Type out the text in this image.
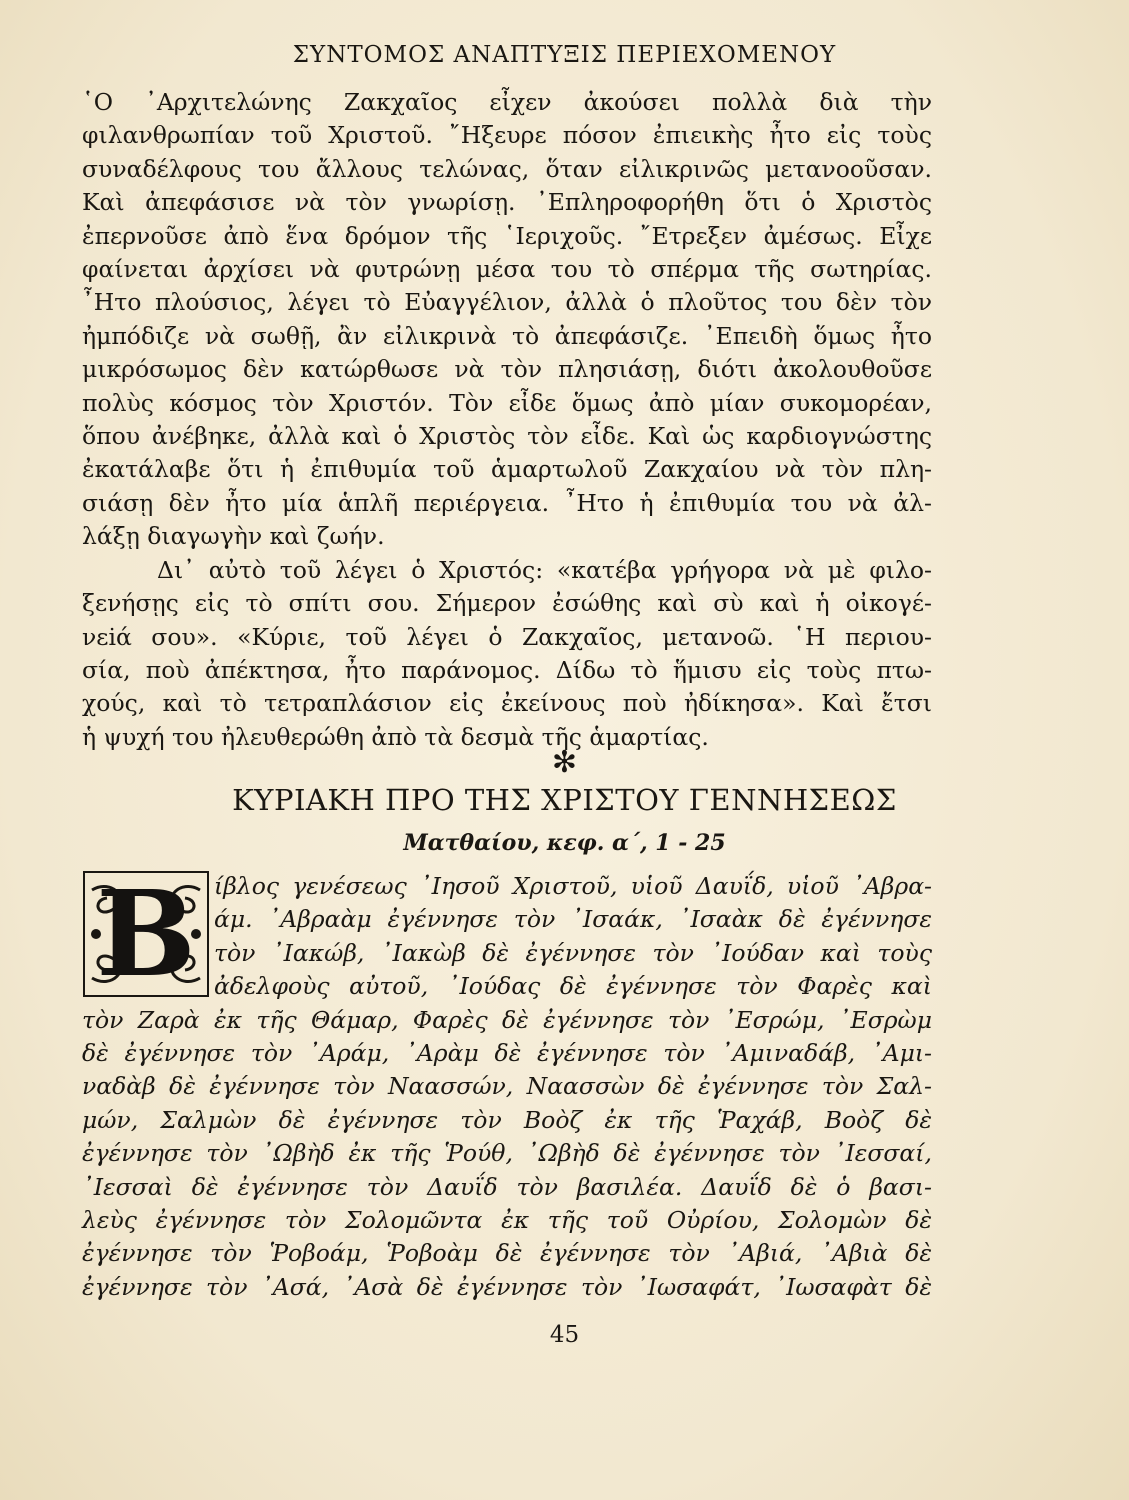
ΣΥΝΤΟΜΟΣ ΑΝΑΠΤΥΞΙΣ ΠΕΡΙΕΧΟΜΕΝΟΥ
῾Ο ᾿Αρχιτελώνης Ζακχαῖος εἶχεν ἀκούσει πολλὰ διὰ τὴν
φιλανθρωπίαν τοῦ Χριστοῦ. ῎Ηξευρε πόσον ἐπιεικὴς ἦτο εἰς τοὺς
συναδέλφους του ἄλλους τελώνας, ὅταν εἰλικρινῶς μετανοοῦσαν.
Καὶ ἀπεφάσισε νὰ τὸν γνωρίσῃ. ᾿Επληροφορήθη ὅτι ὁ Χριστὸς
ἐπερνοῦσε ἀπὸ ἕνα δρόμον τῆς ῾Ιεριχοῦς. ῎Ετρεξεν ἀμέσως. Εἶχε
φαίνεται ἀρχίσει νὰ φυτρώνῃ μέσα του τὸ σπέρμα τῆς σωτηρίας.
῏Ητο πλούσιος, λέγει τὸ Εὐαγγέλιον, ἀλλὰ ὁ πλοῦτος του δὲν τὸν
ἠμπόδιζε νὰ σωθῇ, ἂν εἰλικρινὰ τὸ ἀπεφάσιζε. ᾿Επειδὴ ὅμως ἦτο
μικρόσωμος δὲν κατώρθωσε νὰ τὸν πλησιάσῃ, διότι ἀκολουθοῦσε
πολὺς κόσμος τὸν Χριστόν. Τὸν εἶδε ὅμως ἀπὸ μίαν συκομορέαν,
ὅπου ἀνέβηκε, ἀλλὰ καὶ ὁ Χριστὸς τὸν εἶδε. Καὶ ὡς καρδιογνώστης
ἐκατάλαβε ὅτι ἡ ἐπιθυμία τοῦ ἁμαρτωλοῦ Ζακχαίου νὰ τὸν πλη-
σιάσῃ δὲν ἦτο μία ἁπλῆ περιέργεια. ῏Ητο ἡ ἐπιθυμία του νὰ ἀλ-
λάξῃ διαγωγὴν καὶ ζωήν.
Δι᾿ αὐτὸ τοῦ λέγει ὁ Χριστός: «κατέβα γρήγορα νὰ μὲ φιλο-
ξενήσῃς εἰς τὸ σπίτι σου. Σήμερον ἐσώθης καὶ σὺ καὶ ἡ οἰκογέ-
νεiά σου». «Κύριε, τοῦ λέγει ὁ Ζακχαῖος, μετανοῶ. ῾Η περιου-
σία, ποὺ ἀπέκτησα, ἦτο παράνομος. Δίδω τὸ ἥμισυ εἰς τοὺς πτω-
χούς, καὶ τὸ τετραπλάσιον εἰς ἐκείνους ποὺ ἠδίκησα». Καὶ ἔτσι
ἡ ψυχή του ἠλευθερώθη ἀπὸ τὰ δεσμὰ τῆς ἁμαρτίας.
✻
ΚΥΡΙΑΚΗ ΠΡΟ ΤΗΣ ΧΡΙΣΤΟΥ ΓΕΝΝΗΣΕΩΣ
Ματθαίου, κεφ. α΄, 1 - 25
Β ίβλος γενέσεως ᾿Ιησοῦ Χριστοῦ, υἱοῦ Δαυΐδ, υἱοῦ ᾿Αβρα-
άμ. ᾿Αβραὰμ ἐγέννησε τὸν ᾿Ισαάκ, ᾿Ισαὰκ δὲ ἐγέννησε
τὸν ᾿Ιακώβ, ᾿Ιακὼβ δὲ ἐγέννησε τὸν ᾿Ιούδαν καὶ τοὺς
ἀδελφοὺς αὐτοῦ, ᾿Ιούδας δὲ ἐγέννησε τὸν Φαρὲς καὶ
τὸν Ζαρὰ ἐκ τῆς Θάμαρ, Φαρὲς δὲ ἐγέννησε τὸν ᾿Εσρώμ, ᾿Εσρὼμ
δὲ ἐγέννησε τὸν ᾿Αράμ, ᾿Αρὰμ δὲ ἐγέννησε τὸν ᾿Αμιναδάβ, ᾿Αμι-
ναδὰβ δὲ ἐγέννησε τὸν Ναασσών, Ναασσὼν δὲ ἐγέννησε τὸν Σαλ-
μών, Σαλμὼν δὲ ἐγέννησε τὸν Βοὸζ ἐκ τῆς Ῥαχάβ, Βοὸζ δὲ
ἐγέννησε τὸν ᾿Ωβὴδ ἐκ τῆς Ῥούθ, ᾿Ωβὴδ δὲ ἐγέννησε τὸν ᾿Ιεσσαί,
᾿Ιεσσαὶ δὲ ἐγέννησε τὸν Δαυΐδ τὸν βασιλέα. Δαυΐδ δὲ ὁ βασι-
λεὺς ἐγέννησε τὸν Σολομῶντα ἐκ τῆς τοῦ Οὐρίου, Σολομὼν δὲ
ἐγέννησε τὸν Ῥοβοάμ, Ῥοβοὰμ δὲ ἐγέννησε τὸν ᾿Αβιά, ᾿Αβιὰ δὲ
ἐγέννησε τὸν ᾿Ασά, ᾿Ασὰ δὲ ἐγέννησε τὸν ᾿Ιωσαφάτ, ᾿Ιωσαφὰτ δὲ
45
